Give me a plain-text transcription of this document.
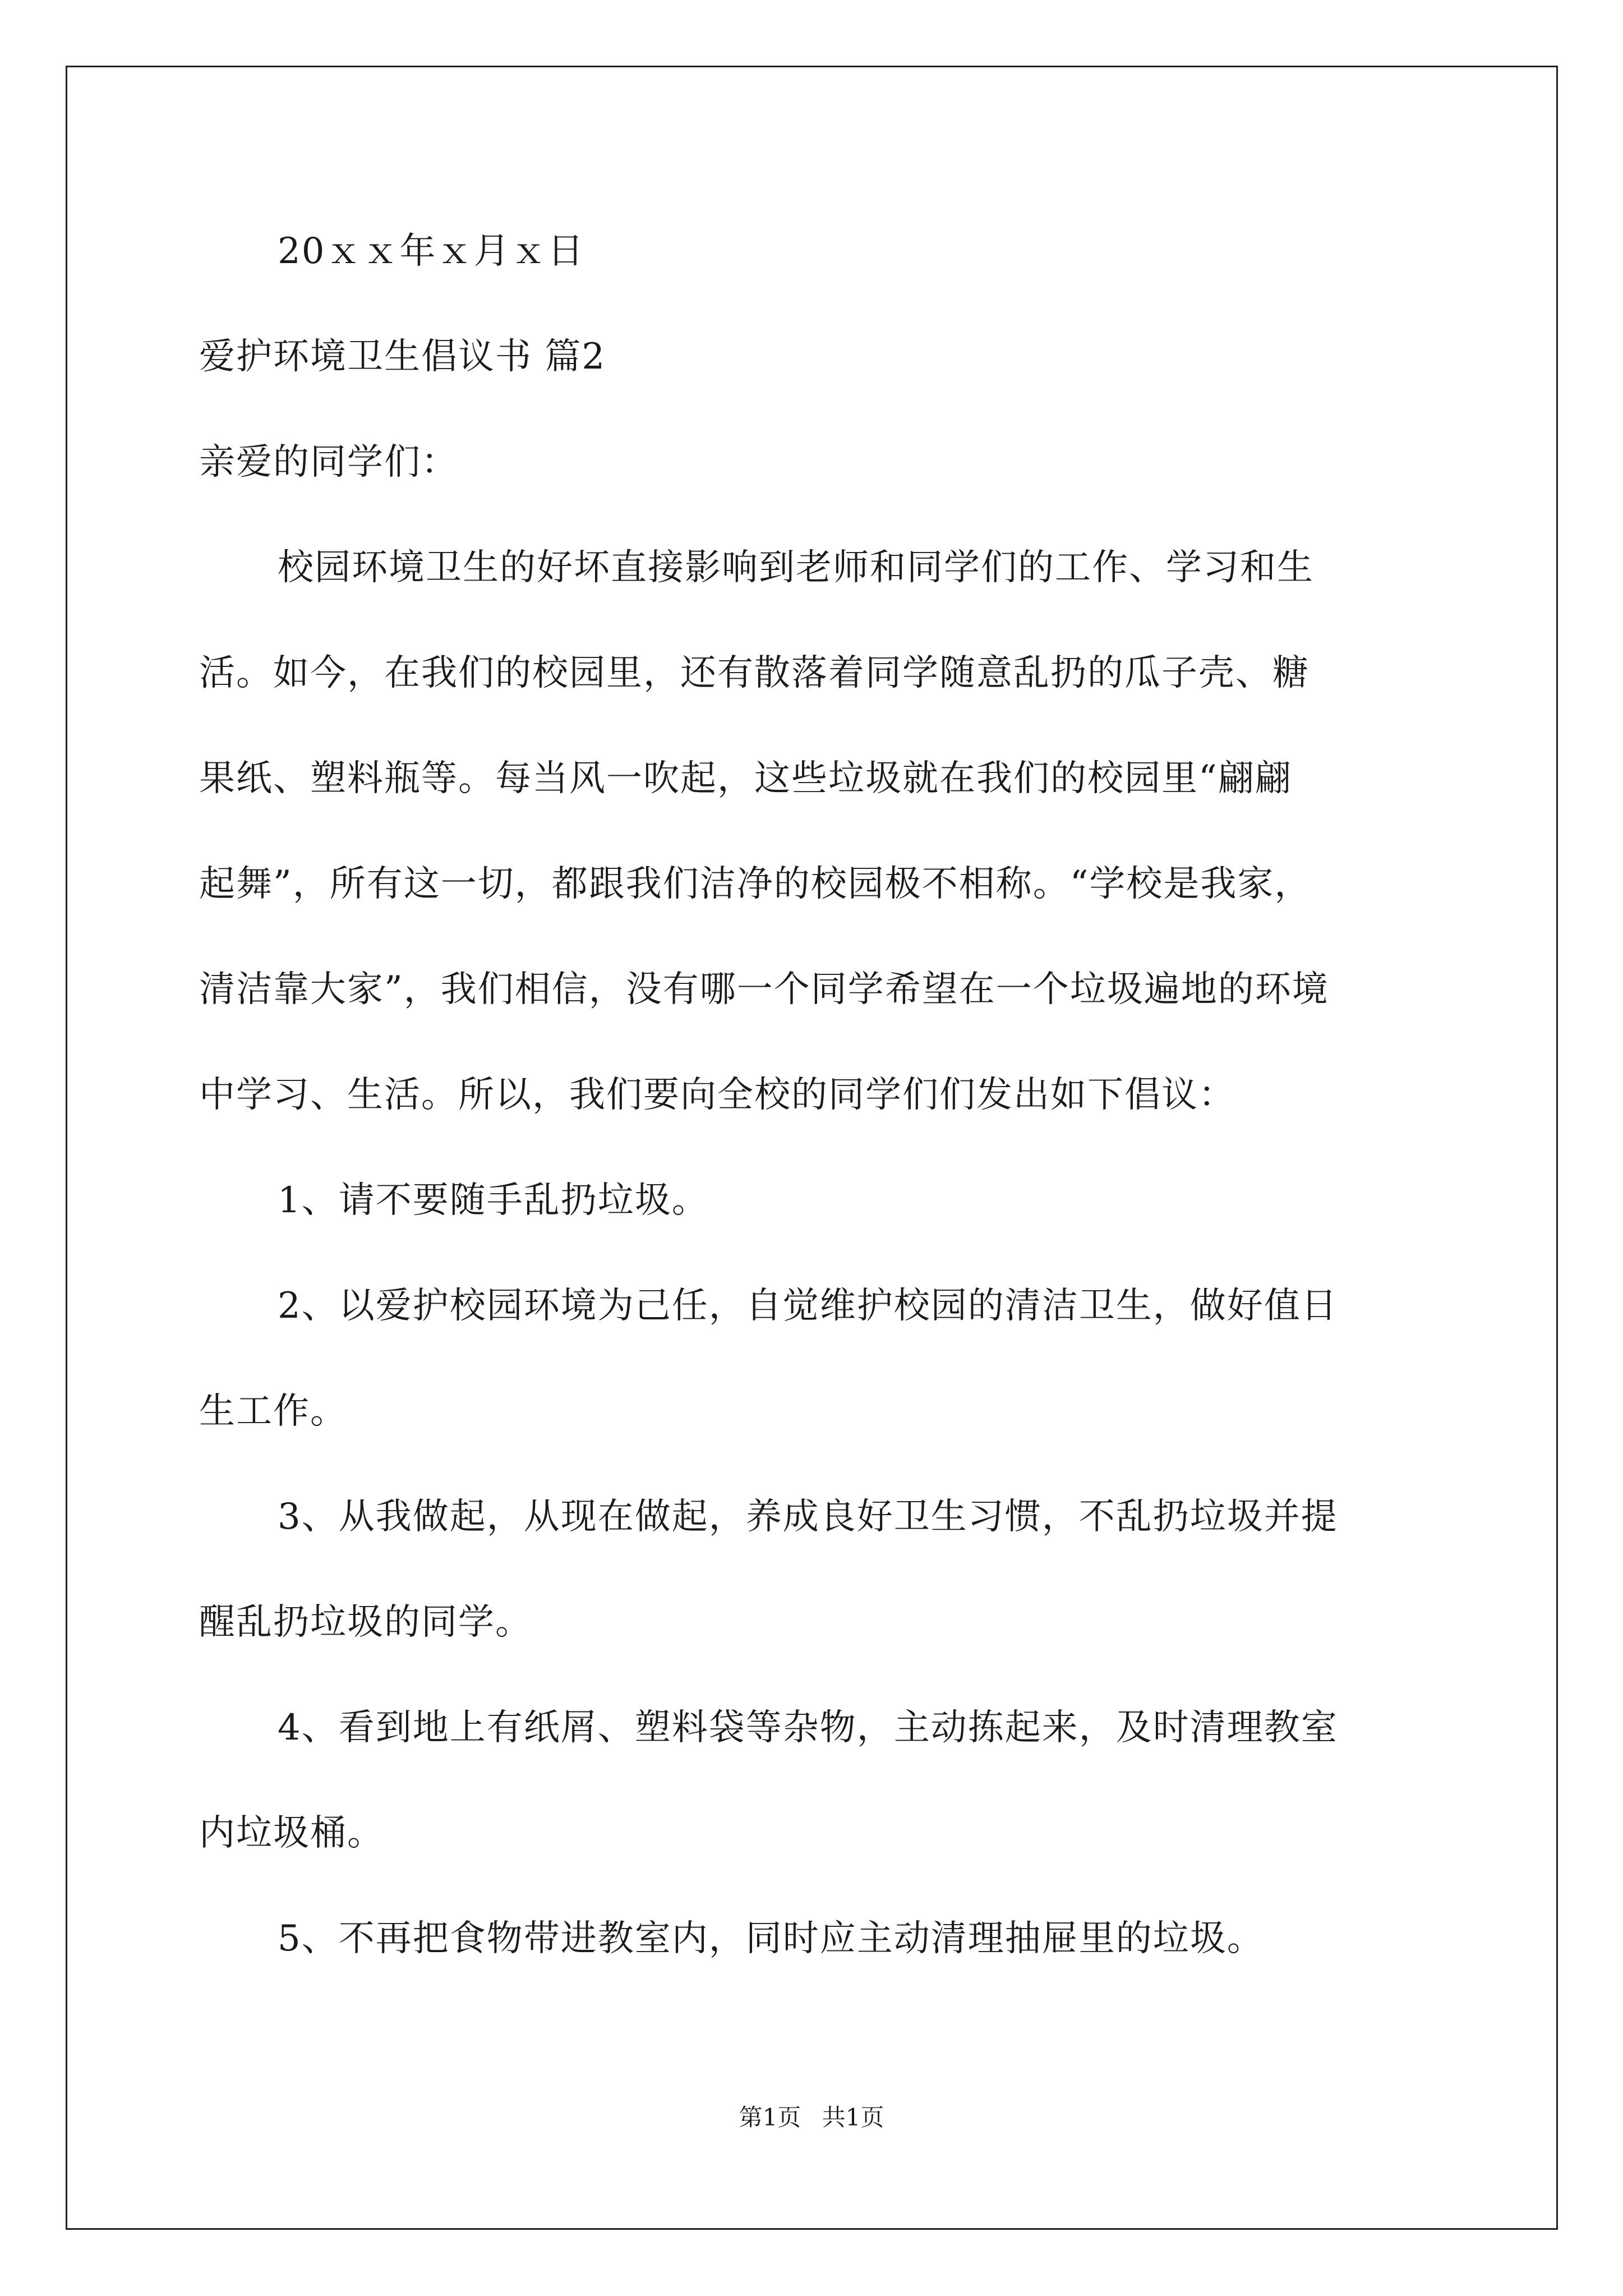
20ｘｘ年ｘ月ｘ日
爱护环境卫生倡议书 篇2
亲爱的同学们：
校园环境卫生的好坏直接影响到老师和同学们的工作、学习和生
活。如今，在我们的校园里，还有散落着同学随意乱扔的瓜子壳、糖
果纸、塑料瓶等。每当风一吹起，这些垃圾就在我们的校园里“翩翩
起舞”，所有这一切，都跟我们洁净的校园极不相称。“学校是我家，
清洁靠大家”，我们相信，没有哪一个同学希望在一个垃圾遍地的环境
中学习、生活。所以，我们要向全校的同学们们发出如下倡议：
1、请不要随手乱扔垃圾。
2、以爱护校园环境为己任，自觉维护校园的清洁卫生，做好值日
生工作。
3、从我做起，从现在做起，养成良好卫生习惯，不乱扔垃圾并提
醒乱扔垃圾的同学。
4、看到地上有纸屑、塑料袋等杂物，主动拣起来，及时清理教室
内垃圾桶。
5、不再把食物带进教室内，同时应主动清理抽屉里的垃圾。
第1页 共1页
